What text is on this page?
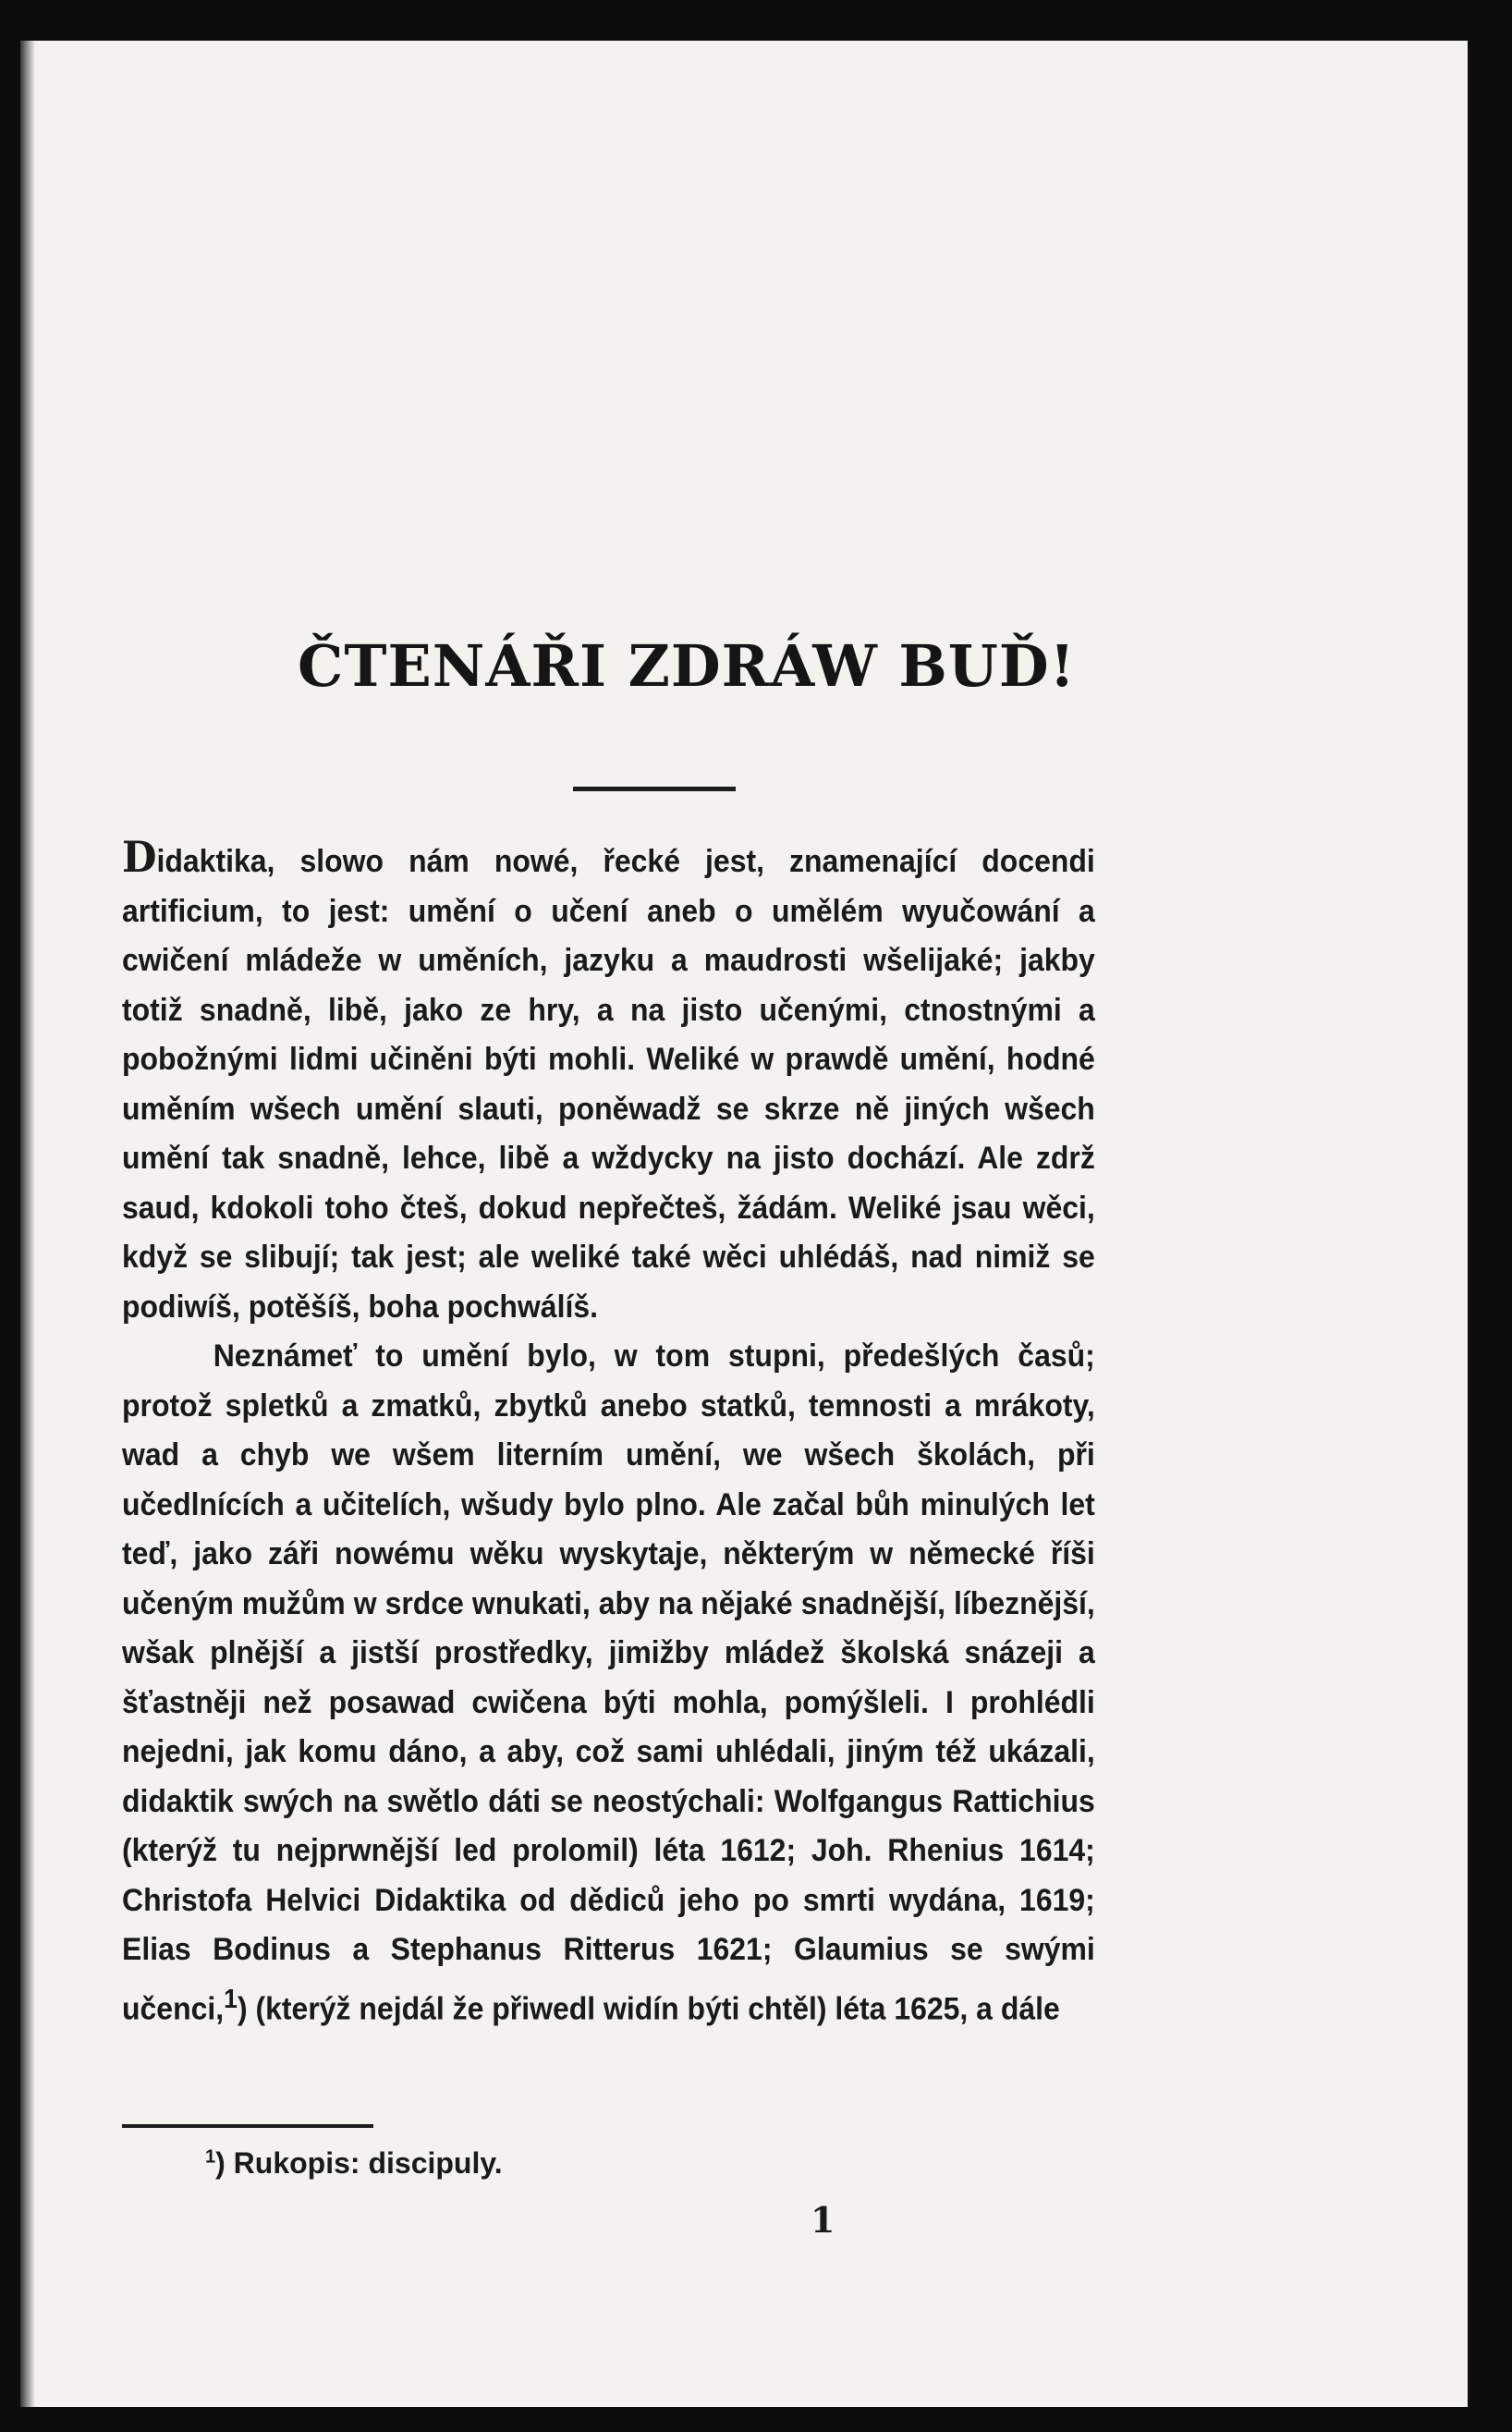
ČTENÁŘI ZDRÁW BUĎ!

Didaktika, slowo nám nowé, řecké jest, znamenající docendi artificium, to jest: umění o učení aneb o umělém wyučowání a cwičení mládeže w uměních, jazyku a maudrosti wšelijaké; jakby totiž snadně, libě, jako ze hry, a na jisto učenými, ctnostnými a pobožnými lidmi učiněni býti mohli. Weliké w prawdě umění, hodné uměním wšech umění slauti, poněwadž se skrze ně jiných wšech umění tak snadně, lehce, libě a wždycky na jisto dochází. Ale zdrž saud, kdokoli toho čteš, dokud nepřečteš, žádám. Weliké jsau wěci, když se slibují; tak jest; ale weliké také wěci uhlédáš, nad nimiž se podiwíš, potěšíš, boha pochwálíš.

Neznámeť to umění bylo, w tom stupni, předešlých časů; protož spletků a zmatků, zbytků anebo statků, temnosti a mrákoty, wad a chyb we wšem literním umění, we wšech školách, při učedlnících a učitelích, wšudy bylo plno. Ale začal bůh minulých let teď, jako záři nowému wěku wyskytaje, některým w německé říši učeným mužům w srdce wnukati, aby na nějaké snadnější, líbeznější, wšak plnější a jistší prostředky, jimižby mládež školská snázeji a šťastněji než posawad cwičena býti mohla, pomýšleli. I prohlédli nejedni, jak komu dáno, a aby, což sami uhlédali, jiným též ukázali, didaktik swých na swětlo dáti se neostýchali: Wolfgangus Rattichius (kterýž tu nejprwnější led prolomil) léta 1612; Joh. Rhenius 1614; Christofa Helvici Didaktika od dědiců jeho po smrti wydána, 1619; Elias Bodinus a Stephanus Ritterus 1621; Glaumius se swými učenci,$^1$) (kterýž nejdál že přiwedl widín býti chtěl) léta 1625, a dále

$^1$) Rukopis: discipuly.
1
